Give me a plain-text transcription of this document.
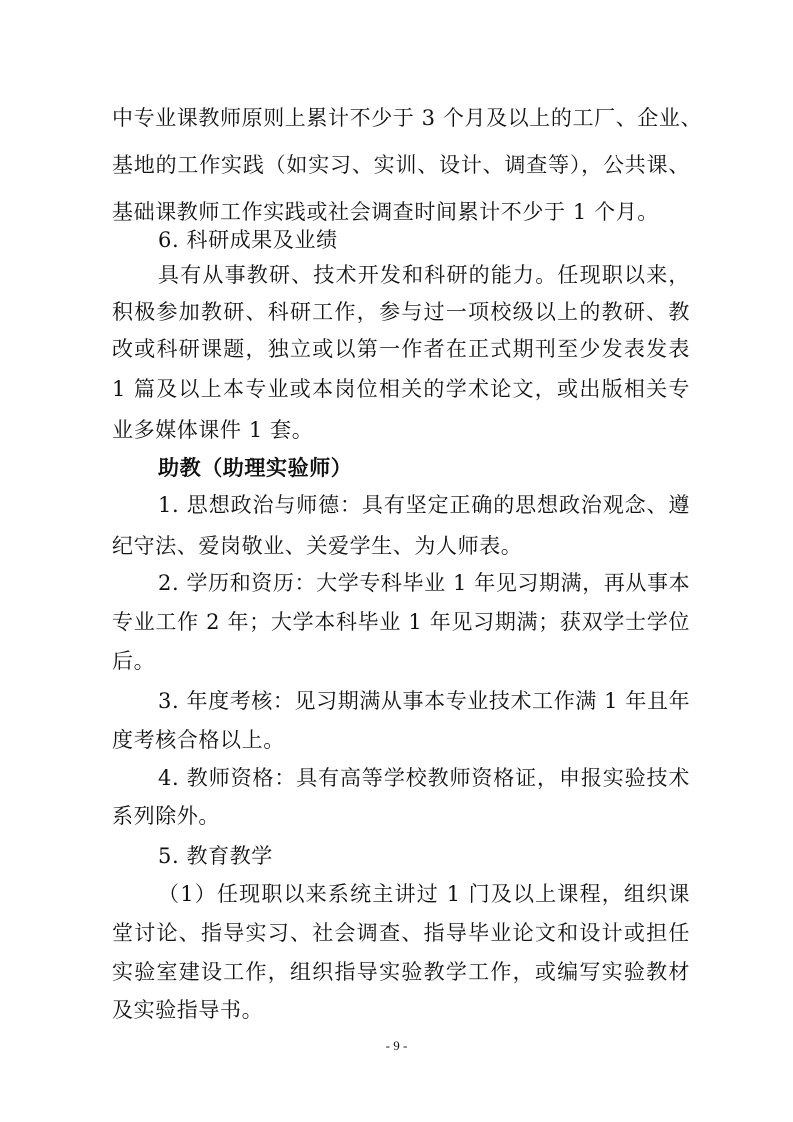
中专业课教师原则上累计不少于 3 个月及以上的工厂、企业、
基地的工作实践（如实习、实训、设计、调查等），公共课、
基础课教师工作实践或社会调查时间累计不少于 1 个月。
6. 科研成果及业绩
具有从事教研、技术开发和科研的能力。任现职以来，
积极参加教研、科研工作，参与过一项校级以上的教研、教
改或科研课题，独立或以第一作者在正式期刊至少发表发表
1 篇及以上本专业或本岗位相关的学术论文，或出版相关专
业多媒体课件 1 套。
助教（助理实验师）
1. 思想政治与师德：具有坚定正确的思想政治观念、遵
纪守法、爱岗敬业、关爱学生、为人师表。
2. 学历和资历：大学专科毕业 1 年见习期满，再从事本
专业工作 2 年；大学本科毕业 1 年见习期满；获双学士学位
后。
3. 年度考核：见习期满从事本专业技术工作满 1 年且年
度考核合格以上。
4. 教师资格：具有高等学校教师资格证，申报实验技术
系列除外。
5. 教育教学
（1）任现职以来系统主讲过 1 门及以上课程，组织课
堂讨论、指导实习、社会调查、指导毕业论文和设计或担任
实验室建设工作，组织指导实验教学工作，或编写实验教材
及实验指导书。
- 9 -
